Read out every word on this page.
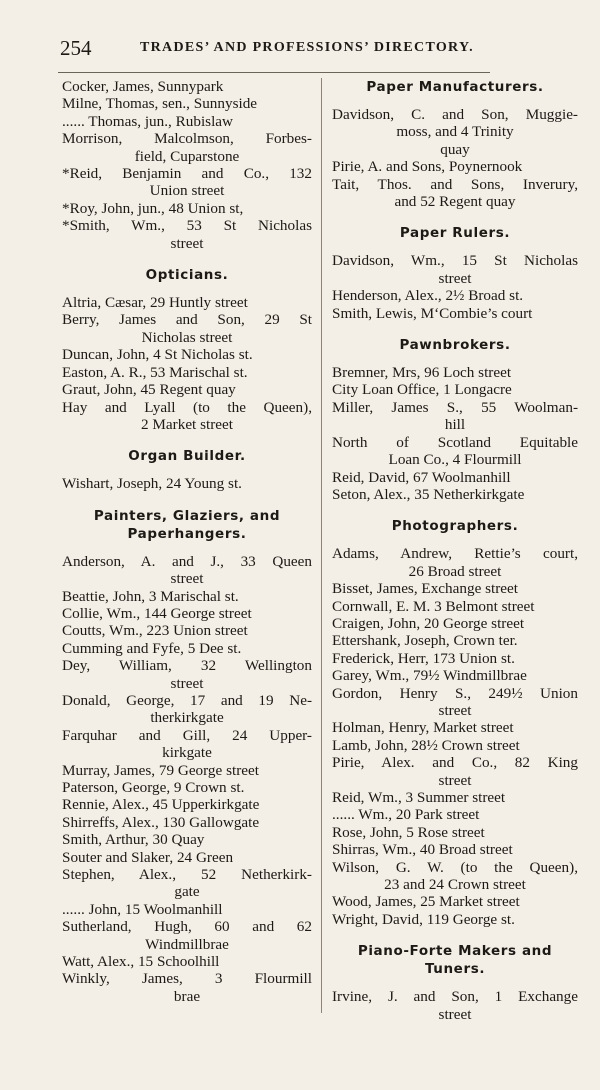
254	TRADES’ AND PROFESSIONS’ DIRECTORY.
Cocker, James, Sunnypark
Milne, Thomas, sen., Sunnyside
...... Thomas, jun., Rubislaw
Morrison, Malcolmson, Forbes-
field, Cuparstone
*Reid, Benjamin and Co., 132
Union street
*Roy, John, jun., 48 Union st,
*Smith, Wm., 53 St Nicholas
street
Opticians.
Altria, Cæsar, 29 Huntly street
Berry, James and Son, 29 St
Nicholas street
Duncan, John, 4 St Nicholas st.
Easton, A. R., 53 Marischal st.
Graut, John, 45 Regent quay
Hay and Lyall (to the Queen),
2 Market street
Organ Builder.
Wishart, Joseph, 24 Young st.
Painters, Glaziers, and
Paperhangers.
Anderson, A. and J., 33 Queen
street
Beattie, John, 3 Marischal st.
Collie, Wm., 144 George street
Coutts, Wm., 223 Union street
Cumming and Fyfe, 5 Dee st.
Dey, William, 32 Wellington
street
Donald, George, 17 and 19 Ne-
therkirkgate
Farquhar and Gill, 24 Upper-
kirkgate
Murray, James, 79 George street
Paterson, George, 9 Crown st.
Rennie, Alex., 45 Upperkirkgate
Shirreffs, Alex., 130 Gallowgate
Smith, Arthur, 30 Quay
Souter and Slaker, 24 Green
Stephen, Alex., 52 Netherkirk-
gate
...... John, 15 Woolmanhill
Sutherland, Hugh, 60 and 62
Windmillbrae
Watt, Alex., 15 Schoolhill
Winkly, James, 3 Flourmill
brae
Paper Manufacturers.
Davidson, C. and Son, Muggie-
moss, and 4 Trinity
quay
Pirie, A. and Sons, Poynernook
Tait, Thos. and Sons, Inverury,
and 52 Regent quay
Paper Rulers.
Davidson, Wm., 15 St Nicholas
street
Henderson, Alex., 2½ Broad st.
Smith, Lewis, M‘Combie’s court
Pawnbrokers.
Bremner, Mrs, 96 Loch street
City Loan Office, 1 Longacre
Miller, James S., 55 Woolman-
hill
North of Scotland Equitable
Loan Co., 4 Flourmill
Reid, David, 67 Woolmanhill
Seton, Alex., 35 Netherkirkgate
Photographers.
Adams, Andrew, Rettie’s court,
26 Broad street
Bisset, James, Exchange street
Cornwall, E. M. 3 Belmont street
Craigen, John, 20 George street
Ettershank, Joseph, Crown ter.
Frederick, Herr, 173 Union st.
Garey, Wm., 79½ Windmillbrae
Gordon, Henry S., 249½ Union
street
Holman, Henry, Market street
Lamb, John, 28½ Crown street
Pirie, Alex. and Co., 82 King
street
Reid, Wm., 3 Summer street
...... Wm., 20 Park street
Rose, John, 5 Rose street
Shirras, Wm., 40 Broad street
Wilson, G. W. (to the Queen),
23 and 24 Crown street
Wood, James, 25 Market street
Wright, David, 119 George st.
Piano-Forte Makers and
Tuners.
Irvine, J. and Son, 1 Exchange
street
